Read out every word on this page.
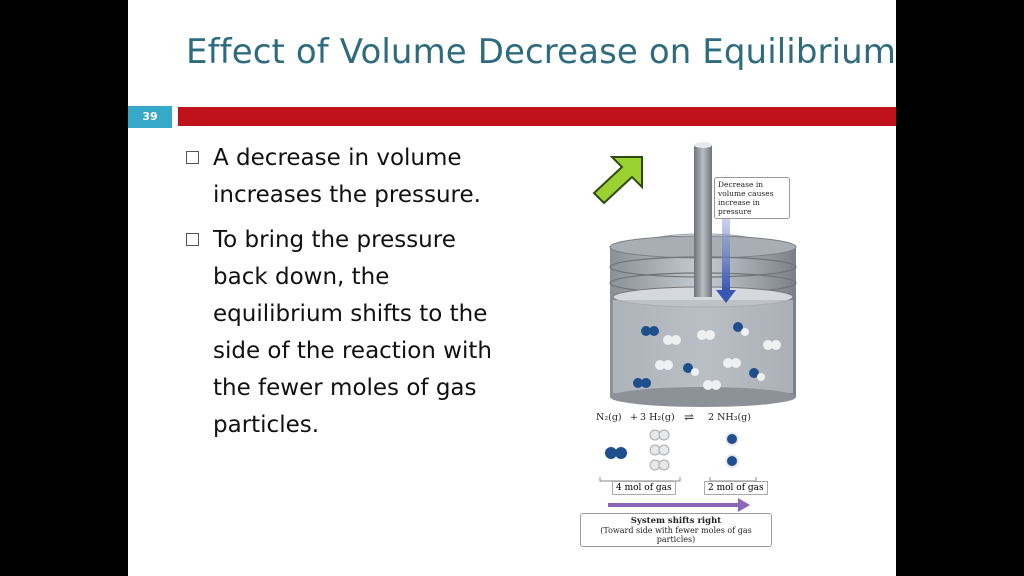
Effect of Volume Decrease on Equilibrium
39
A decrease in volume increases the pressure.
To bring the pressure back down, the equilibrium shifts to the side of the reaction with the fewer moles of gas particles.
Decrease in volume causes increase in pressure
N₂(g) + 3 H₂(g) ⇌ 2 NH₃(g)
4 mol of gas	2 mol of gas
System shifts right
(Toward side with fewer moles of gas particles)
